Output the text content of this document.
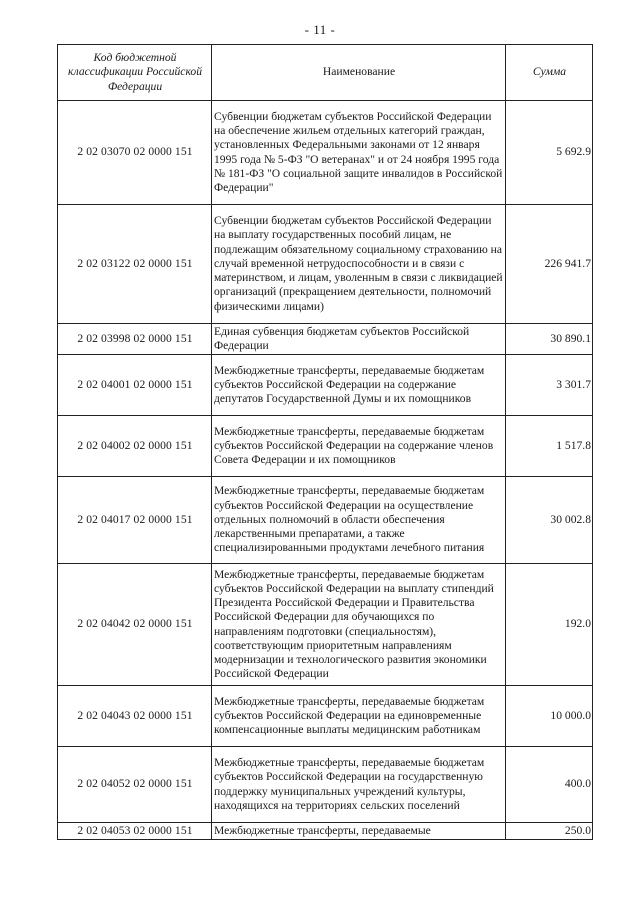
- 11 -
Код бюджетной классификации Российской Федерации	Наименование	Сумма
2 02 03070 02 0000 151	Субвенции бюджетам субъектов Российской Федерации на обеспечение жильем отдельных категорий граждан, установленных Федеральными законами от 12 января 1995 года № 5-ФЗ "О ветеранах" и от 24 ноября 1995 года № 181-ФЗ "О социальной защите инвалидов в Российской Федерации"	5 692.9
2 02 03122 02 0000 151	Субвенции бюджетам субъектов Российской Федерации на выплату государственных пособий лицам, не подлежащим обязательному социальному страхованию на случай временной нетрудоспособности и в связи с материнством, и лицам, уволенным в связи с ликвидацией организаций (прекращением деятельности, полномочий физическими лицами)	226 941.7
2 02 03998 02 0000 151	Единая субвенция бюджетам субъектов Российской Федерации	30 890.1
2 02 04001 02 0000 151	Межбюджетные трансферты, передаваемые бюджетам субъектов Российской Федерации на содержание депутатов Государственной Думы и их помощников	3 301.7
2 02 04002 02 0000 151	Межбюджетные трансферты, передаваемые бюджетам субъектов Российской Федерации на содержание членов Совета Федерации и их помощников	1 517.8
2 02 04017 02 0000 151	Межбюджетные трансферты, передаваемые бюджетам субъектов Российской Федерации на осуществление отдельных полномочий в области обеспечения лекарственными препаратами, а также специализированными продуктами лечебного питания	30 002.8
2 02 04042 02 0000 151	Межбюджетные трансферты, передаваемые бюджетам субъектов Российской Федерации на выплату стипендий Президента Российской Федерации и Правительства Российской Федерации для обучающихся по направлениям подготовки (специальностям), соответствующим приоритетным направлениям модернизации и технологического развития экономики Российской Федерации	192.0
2 02 04043 02 0000 151	Межбюджетные трансферты, передаваемые бюджетам субъектов Российской Федерации на единовременные компенсационные выплаты медицинским работникам	10 000.0
2 02 04052 02 0000 151	Межбюджетные трансферты, передаваемые бюджетам субъектов Российской Федерации на государственную поддержку муниципальных учреждений культуры, находящихся на территориях сельских поселений	400.0
2 02 04053 02 0000 151	Межбюджетные трансферты, передаваемые	250.0
